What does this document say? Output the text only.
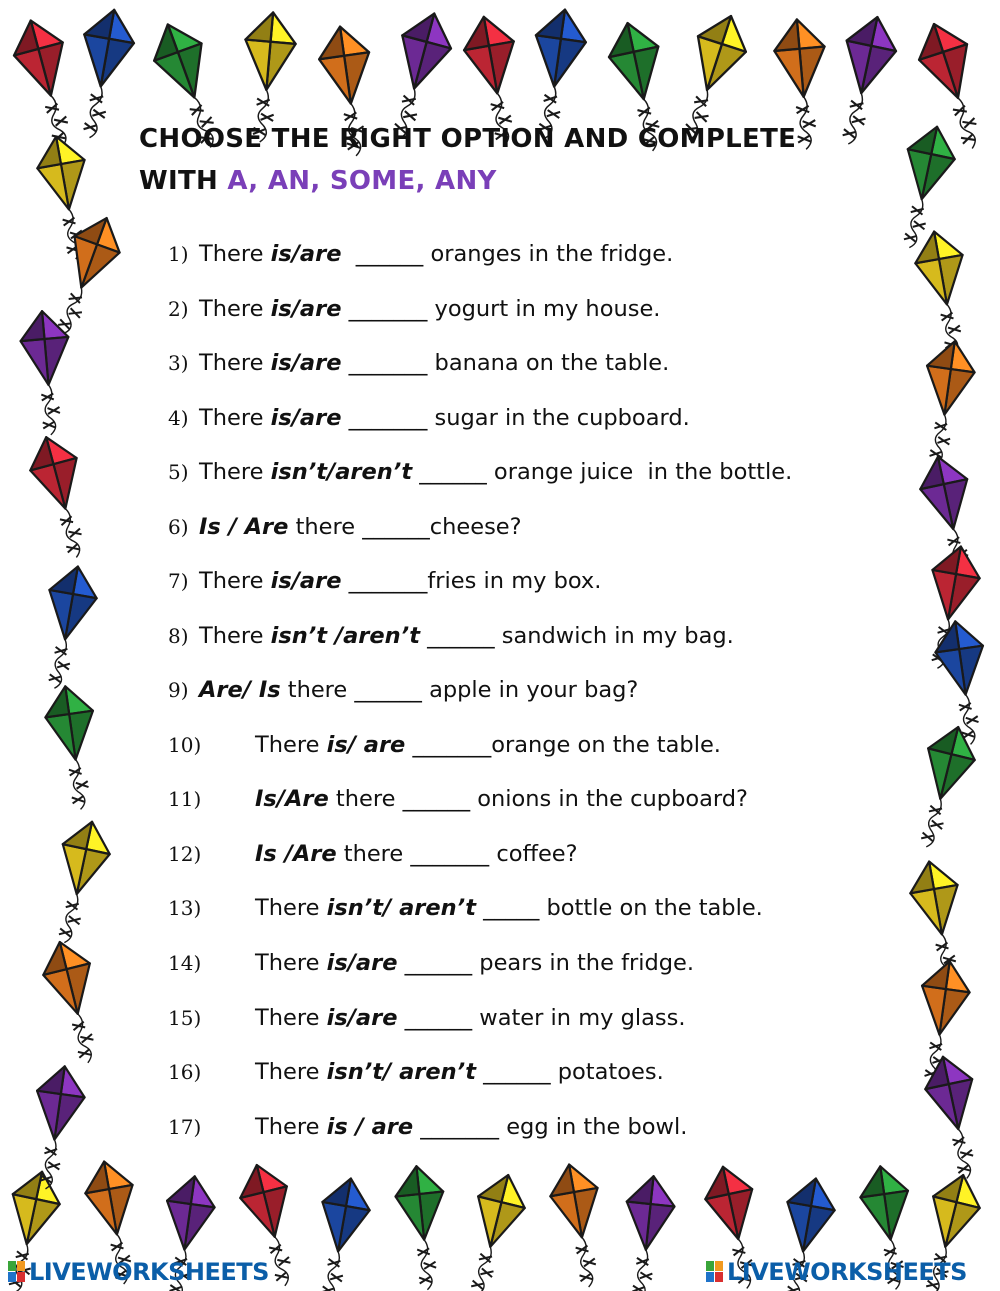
CHOOSE THE RIGHT OPTION AND COMPLETE
WITH A, AN, SOME, ANY
1) There is/are  ______ oranges in the fridge.
2) There is/are _______ yogurt in my house.
3) There is/are _______ banana on the table.
4) There is/are _______ sugar in the cupboard.
5) There isn’t/aren’t ______ orange juice  in the bottle.
6) Is / Are there ______cheese?
7) There is/are _______fries in my box.
8) There isn’t /aren’t ______ sandwich in my bag.
9) Are/ Is there ______ apple in your bag?
10) There is/ are _______orange on the table.
11) Is/Are there ______ onions in the cupboard?
12) Is /Are there _______ coffee?
13) There isn’t/ aren’t _____ bottle on the table.
14) There is/are ______ pears in the fridge.
15) There is/are ______ water in my glass.
16) There isn’t/ aren’t ______ potatoes.
17) There is / are _______ egg in the bowl.
LIVEWORKSHEETS	LIVEWORKSHEETS
